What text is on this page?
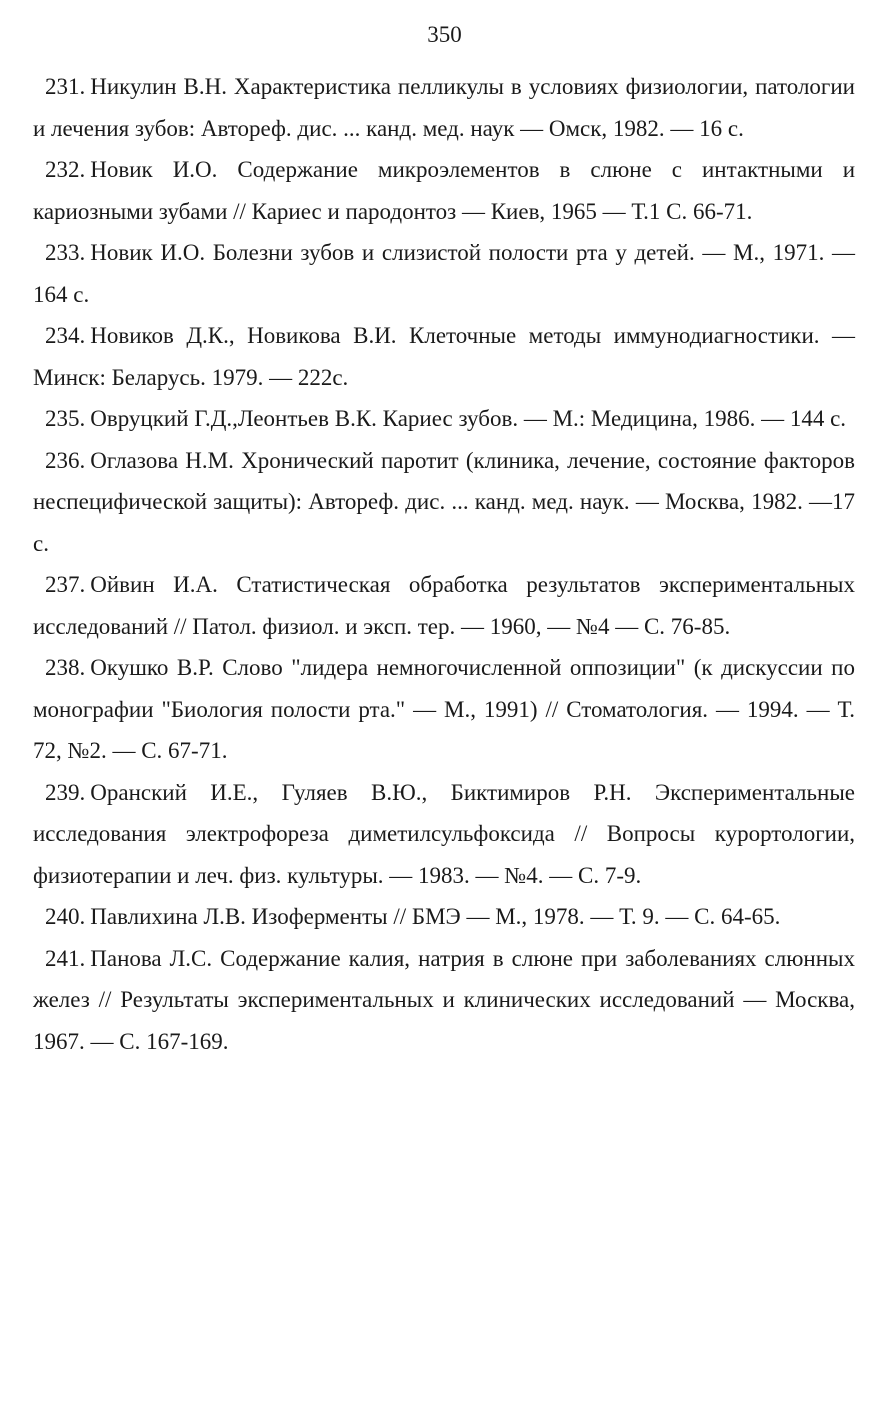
350
231. Никулин В.Н. Характеристика пелликулы в условиях физиологии, патологии и лечения зубов: Автореф. дис. ... канд. мед. наук — Омск, 1982. — 16 с.
232. Новик И.О. Содержание микроэлементов в слюне с интактными и кариозными зубами // Кариес и пародонтоз — Киев, 1965 — Т.1 С. 66-71.
233. Новик И.О. Болезни зубов и слизистой полости рта у детей. — М., 1971. — 164 с.
234. Новиков Д.К., Новикова В.И. Клеточные методы иммунодиагностики. — Минск: Беларусь. 1979. — 222с.
235. Овруцкий Г.Д.,Леонтьев В.К. Кариес зубов. — М.: Медицина, 1986. — 144 с.
236. Оглазова Н.М. Хронический паротит (клиника, лечение, состояние факторов неспецифической защиты): Автореф. дис. ... канд. мед. наук. — Москва, 1982. —17 с.
237. Ойвин И.А. Статистическая обработка результатов экспериментальных исследований // Патол. физиол. и эксп. тер. — 1960, — №4 — С. 76-85.
238. Окушко В.Р. Слово "лидера немногочисленной оппозиции" (к дискуссии по монографии "Биология полости рта." — М., 1991) // Стоматология. — 1994. — Т. 72, №2. — С. 67-71.
239. Оранский И.Е., Гуляев В.Ю., Биктимиров Р.Н. Экспериментальные исследования электрофореза диметилсульфоксида // Вопросы курортологии, физиотерапии и леч. физ. культуры. — 1983. — №4. — С. 7-9.
240. Павлихина Л.В. Изоферменты // БМЭ — М., 1978. — Т. 9. — С. 64-65.
241. Панова Л.С. Содержание калия, натрия в слюне при заболеваниях слюнных желез // Результаты экспериментальных и клинических исследований — Москва, 1967. — С. 167-169.
